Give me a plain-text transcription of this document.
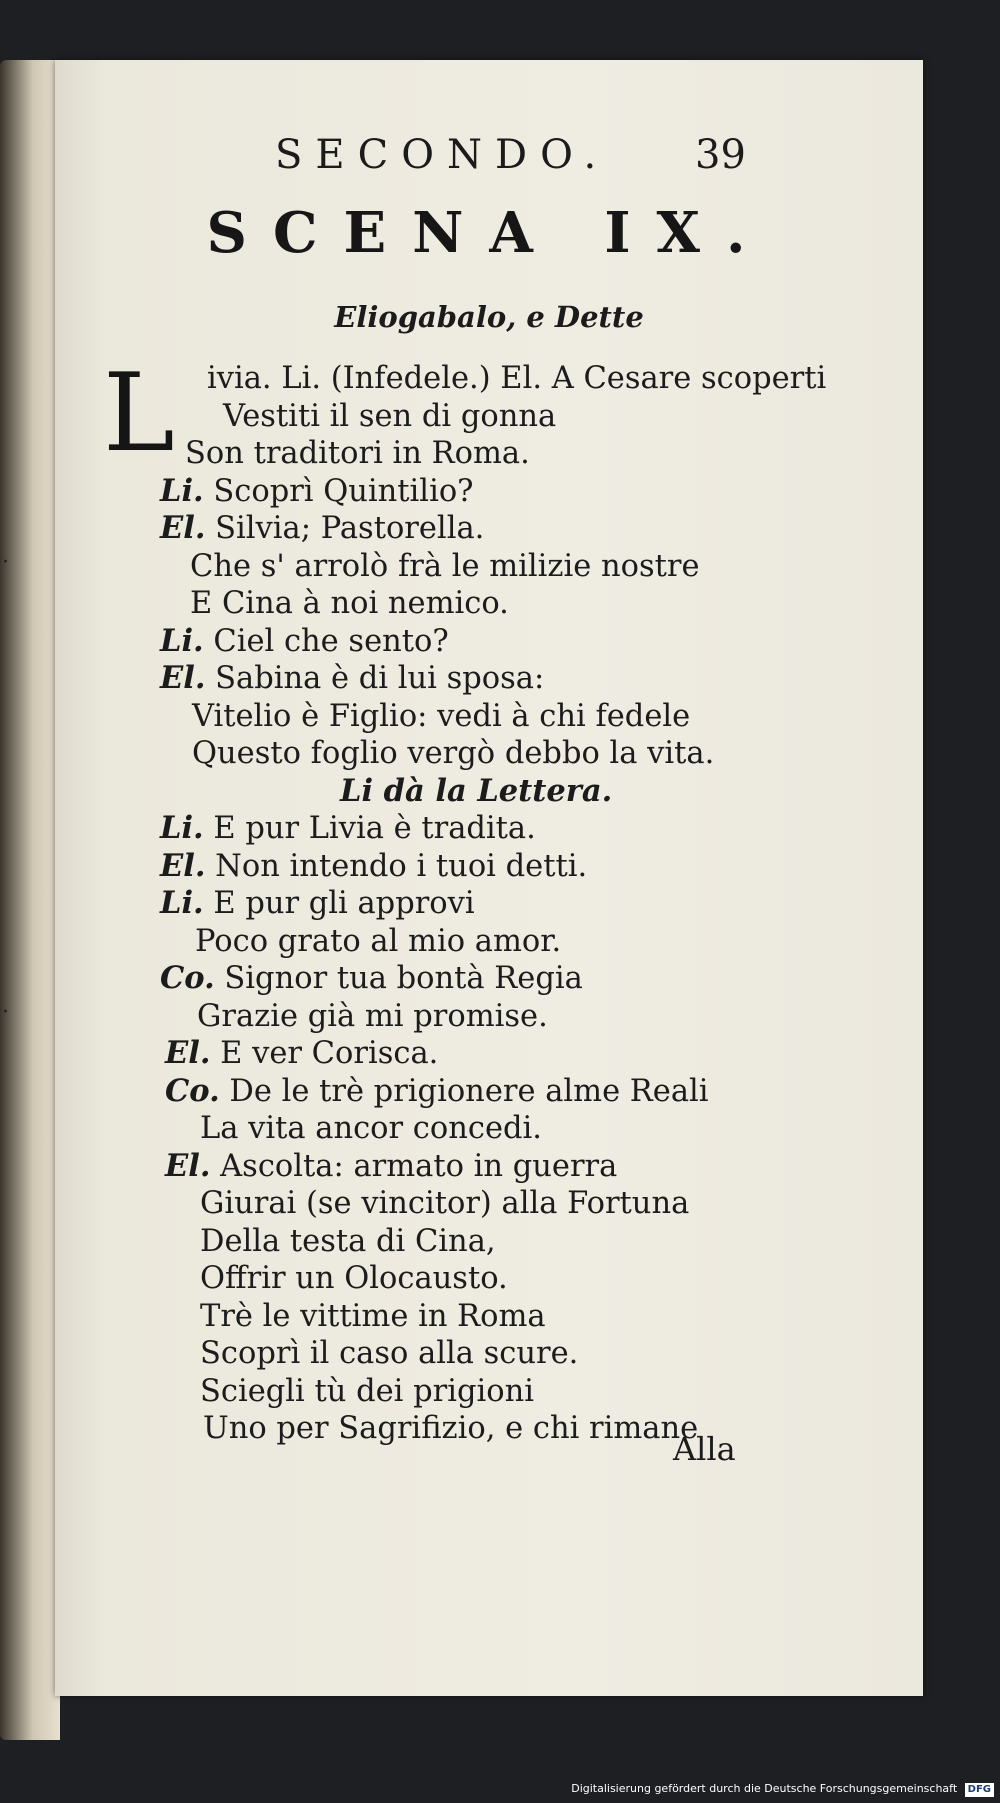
·
·
SECONDO. 39
SCENA IX.
Eliogabalo, e Dette
L	ivia. Li. (Infedele.) El. A Cesare scoperti
Vestiti il sen di gonna
Son traditori in Roma.
Li. Scoprì Quintilio?
El. Silvia; Pastorella.
Che s' arrolò frà le milizie nostre
E Cina à noi nemico.
Li. Ciel che sento?
El. Sabina è di lui sposa:
Vitelio è Figlio: vedi à chi fedele
Questo foglio vergò debbo la vita.
Li dà la Lettera.
Li. E pur Livia è tradita.
El. Non intendo i tuoi detti.
Li. E pur gli approvi
Poco grato al mio amor.
Co. Signor tua bontà Regia
Grazie già mi promise.
El. E ver Corisca.
Co. De le trè prigionere alme Reali
La vita ancor concedi.
El. Ascolta: armato in guerra
Giurai (se vincitor) alla Fortuna
Della testa di Cina,
Offrir un Olocausto.
Trè le vittime in Roma
Scoprì il caso alla scure.
Sciegli tù dei prigioni
Uno per Sagrifizio, e chi rimane
Alla
Digitalisierung gefördert durch die Deutsche Forschungsgemeinschaft DFG
